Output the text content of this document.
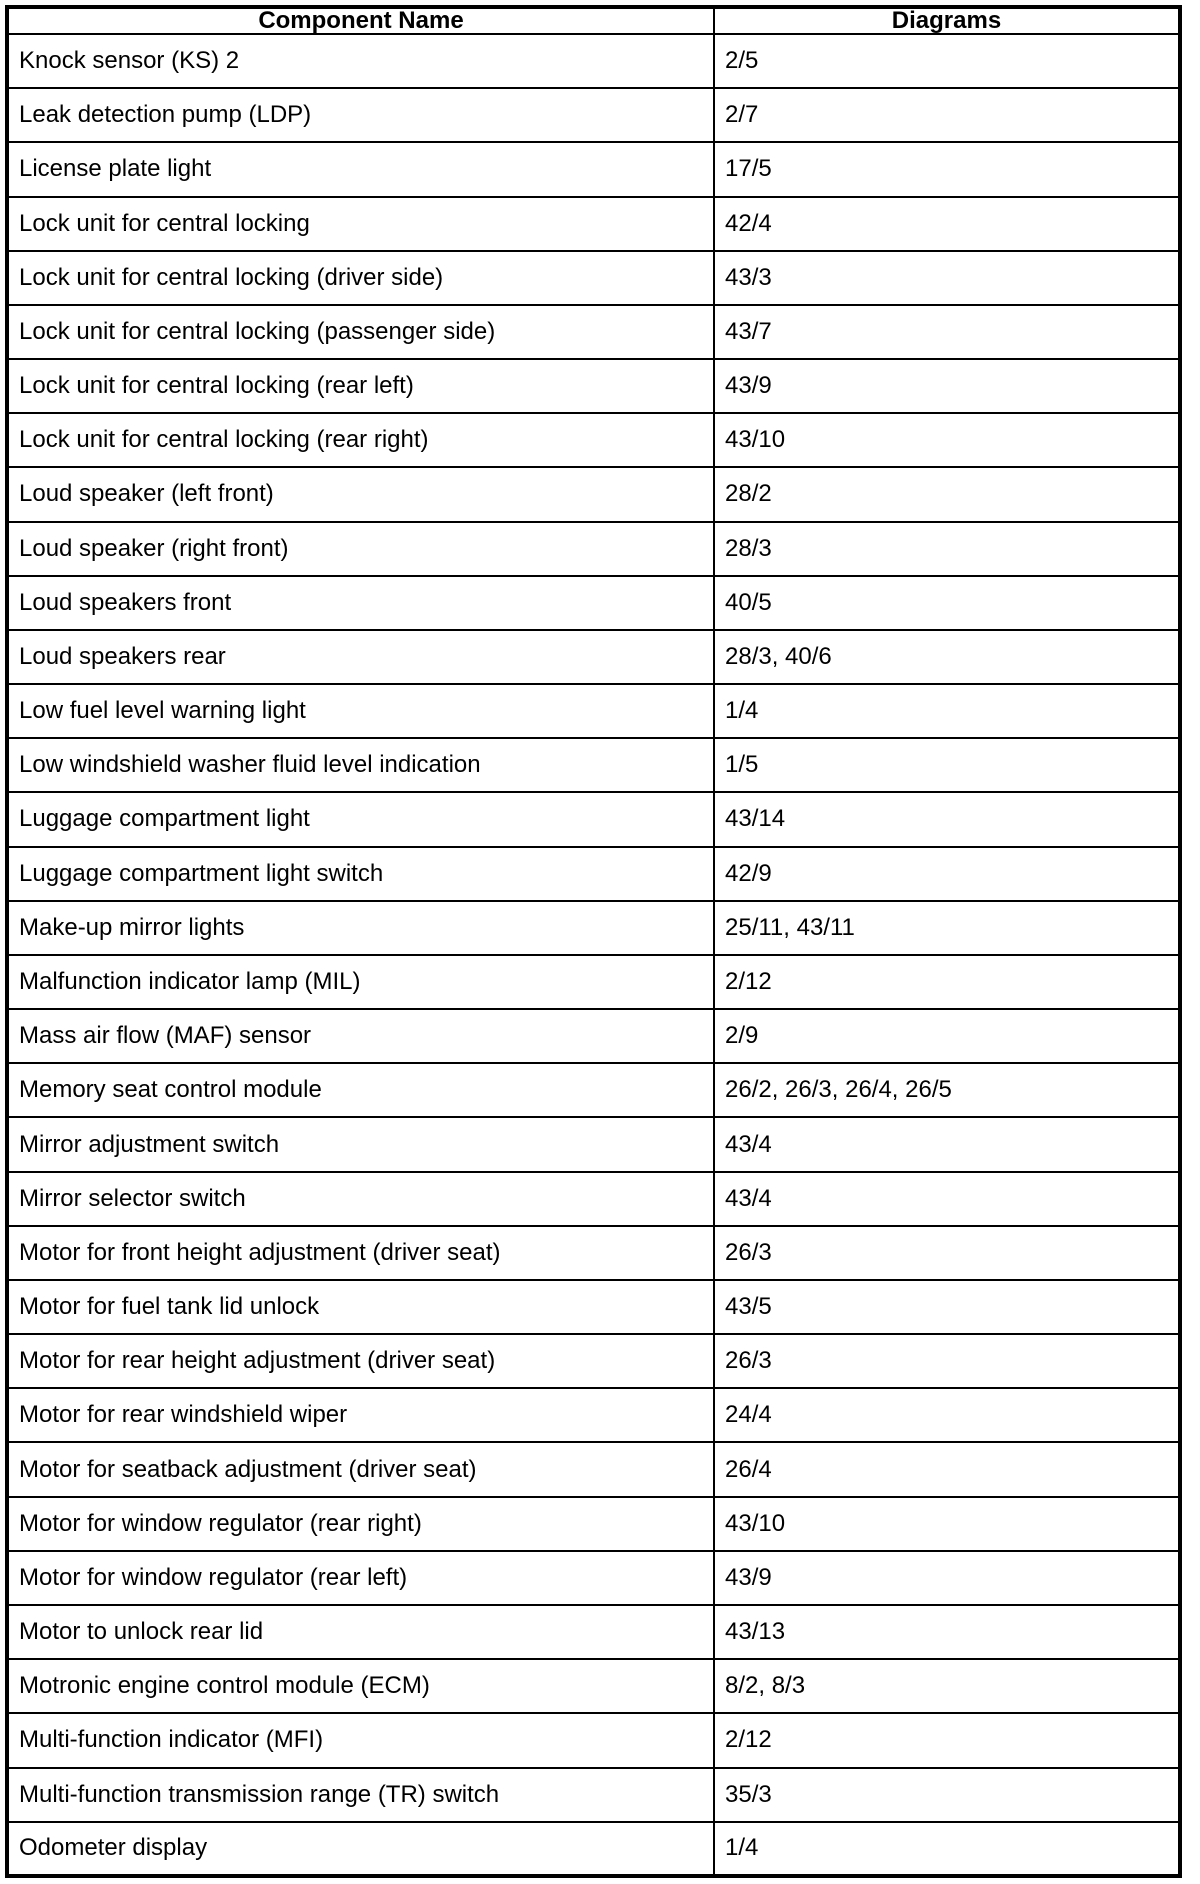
Component Name	Diagrams
Knock sensor (KS) 2	2/5
Leak detection pump (LDP)	2/7
License plate light	17/5
Lock unit for central locking	42/4
Lock unit for central locking (driver side)	43/3
Lock unit for central locking (passenger side)	43/7
Lock unit for central locking (rear left)	43/9
Lock unit for central locking (rear right)	43/10
Loud speaker (left front)	28/2
Loud speaker (right front)	28/3
Loud speakers front	40/5
Loud speakers rear	28/3, 40/6
Low fuel level warning light	1/4
Low windshield washer fluid level indication	1/5
Luggage compartment light	43/14
Luggage compartment light switch	42/9
Make-up mirror lights	25/11, 43/11
Malfunction indicator lamp (MIL)	2/12
Mass air flow (MAF) sensor	2/9
Memory seat control module	26/2, 26/3, 26/4, 26/5
Mirror adjustment switch	43/4
Mirror selector switch	43/4
Motor for front height adjustment (driver seat)	26/3
Motor for fuel tank lid unlock	43/5
Motor for rear height adjustment (driver seat)	26/3
Motor for rear windshield wiper	24/4
Motor for seatback adjustment (driver seat)	26/4
Motor for window regulator (rear right)	43/10
Motor for window regulator (rear left)	43/9
Motor to unlock rear lid	43/13
Motronic engine control module (ECM)	8/2, 8/3
Multi-function indicator (MFI)	2/12
Multi-function transmission range (TR) switch	35/3
Odometer display	1/4
